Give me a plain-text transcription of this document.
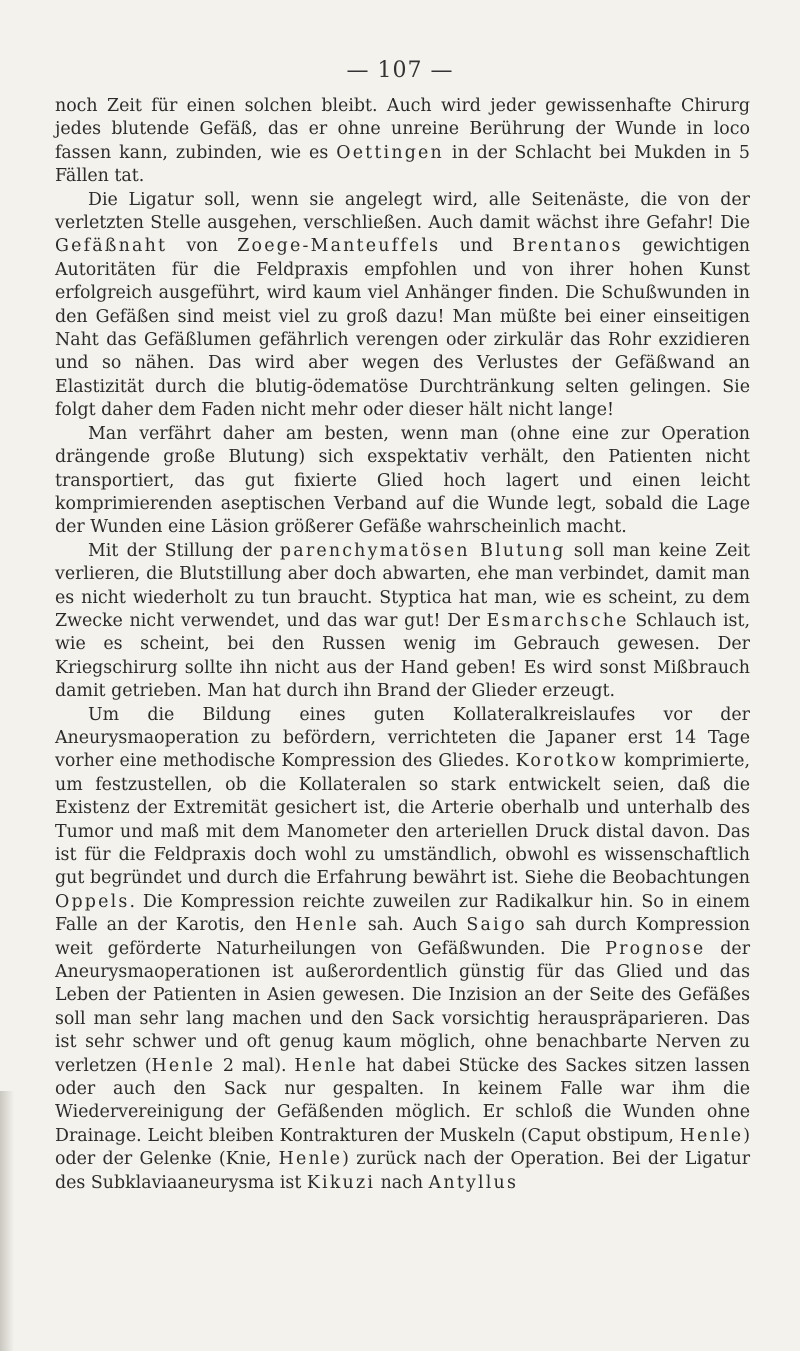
— 107 —

noch Zeit für einen solchen bleibt. Auch wird jeder gewissenhafte Chirurg jedes blutende Gefäß, das er ohne unreine Berührung der Wunde in loco fassen kann, zubinden, wie es Oettingen in der Schlacht bei Mukden in 5 Fällen tat.

Die Ligatur soll, wenn sie angelegt wird, alle Seitenäste, die von der verletzten Stelle ausgehen, verschließen. Auch damit wächst ihre Gefahr! Die Gefäßnaht von Zoege-Manteuffels und Brentanos gewichtigen Autoritäten für die Feldpraxis empfohlen und von ihrer hohen Kunst erfolgreich ausgeführt, wird kaum viel Anhänger finden. Die Schußwunden in den Gefäßen sind meist viel zu groß dazu! Man müßte bei einer einseitigen Naht das Gefäßlumen gefährlich verengen oder zirkulär das Rohr exzidieren und so nähen. Das wird aber wegen des Verlustes der Gefäßwand an Elastizität durch die blutig-ödematöse Durchtränkung selten gelingen. Sie folgt daher dem Faden nicht mehr oder dieser hält nicht lange!

Man verfährt daher am besten, wenn man (ohne eine zur Operation drängende große Blutung) sich exspektativ verhält, den Patienten nicht transportiert, das gut fixierte Glied hoch lagert und einen leicht komprimierenden aseptischen Verband auf die Wunde legt, sobald die Lage der Wunden eine Läsion größerer Gefäße wahrscheinlich macht.

Mit der Stillung der parenchymatösen Blutung soll man keine Zeit verlieren, die Blutstillung aber doch abwarten, ehe man verbindet, damit man es nicht wiederholt zu tun braucht. Styptica hat man, wie es scheint, zu dem Zwecke nicht verwendet, und das war gut! Der Esmarchsche Schlauch ist, wie es scheint, bei den Russen wenig im Gebrauch gewesen. Der Kriegschirurg sollte ihn nicht aus der Hand geben! Es wird sonst Mißbrauch damit getrieben. Man hat durch ihn Brand der Glieder erzeugt.

Um die Bildung eines guten Kollateralkreislaufes vor der Aneurysmaoperation zu befördern, verrichteten die Japaner erst 14 Tage vorher eine methodische Kompression des Gliedes. Korotkow komprimierte, um festzustellen, ob die Kollateralen so stark entwickelt seien, daß die Existenz der Extremität gesichert ist, die Arterie oberhalb und unterhalb des Tumor und maß mit dem Manometer den arteriellen Druck distal davon. Das ist für die Feldpraxis doch wohl zu umständlich, obwohl es wissenschaftlich gut begründet und durch die Erfahrung bewährt ist. Siehe die Beobachtungen Oppels. Die Kompression reichte zuweilen zur Radikalkur hin. So in einem Falle an der Karotis, den Henle sah. Auch Saigo sah durch Kompression weit geförderte Naturheilungen von Gefäßwunden. Die Prognose der Aneurysmaoperationen ist außerordentlich günstig für das Glied und das Leben der Patienten in Asien gewesen. Die Inzision an der Seite des Gefäßes soll man sehr lang machen und den Sack vorsichtig herauspräparieren. Das ist sehr schwer und oft genug kaum möglich, ohne benachbarte Nerven zu verletzen (Henle 2 mal). Henle hat dabei Stücke des Sackes sitzen lassen oder auch den Sack nur gespalten. In keinem Falle war ihm die Wiedervereinigung der Gefäßenden möglich. Er schloß die Wunden ohne Drainage. Leicht bleiben Kontrakturen der Muskeln (Caput obstipum, Henle) oder der Gelenke (Knie, Henle) zurück nach der Operation. Bei der Ligatur des Subklaviaaneurysma ist Kikuzi nach Antyllus
